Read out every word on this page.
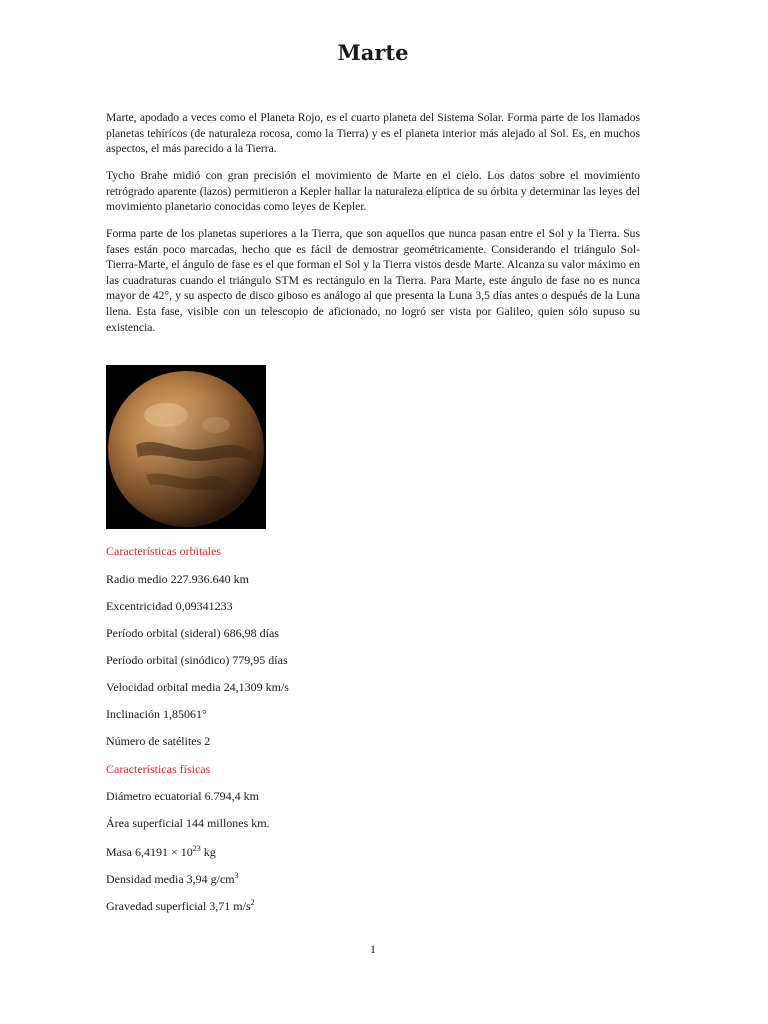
Marte

Marte, apodado a veces como el Planeta Rojo, es el cuarto planeta del Sistema Solar. Forma parte de los llamados planetas tehíricos (de naturaleza rocosa, como la Tierra) y es el planeta interior más alejado al Sol. Es, en muchos aspectos, el más parecido a la Tierra.

Tycho Brahe midió con gran precisión el movimiento de Marte en el cielo. Los datos sobre el movimiento retrógrado aparente (lazos) permitieron a Kepler hallar la naturaleza elíptica de su órbita y determinar las leyes del movimiento planetario conocidas como leyes de Kepler.

Forma parte de los planetas superiores a la Tierra, que son aquellos que nunca pasan entre el Sol y la Tierra. Sus fases están poco marcadas, hecho que es fácil de demostrar geométricamente. Considerando el triángulo Sol-Tierra-Marte, el ángulo de fase es el que forman el Sol y la Tierra vistos desde Marte. Alcanza su valor máximo en las cuadraturas cuando el triángulo STM es rectángulo en la Tierra. Para Marte, este ángulo de fase no es nunca mayor de 42°, y su aspecto de disco giboso es análogo al que presenta la Luna 3,5 días antes o después de la Luna llena. Esta fase, visible con un telescopio de aficionado, no logró ser vista por Galileo, quien sólo supuso su existencia.

Características orbitales

Radio medio 227.936.640 km

Excentricidad 0,09341233

Período orbital (sideral) 686,98 días

Período orbital (sinódico) 779,95 días

Velocidad orbital media 24,1309 km/s

Inclinación 1,85061°

Número de satélites 2

Características físicas

Diámetro ecuatorial 6.794,4 km

Área superficial 144 millones km.

Masa $6,4191 \times 10^{23}$ kg

Densidad media 3,94 $g/cm^3$

Gravedad superficial 3,71 $m/s^2$

1
